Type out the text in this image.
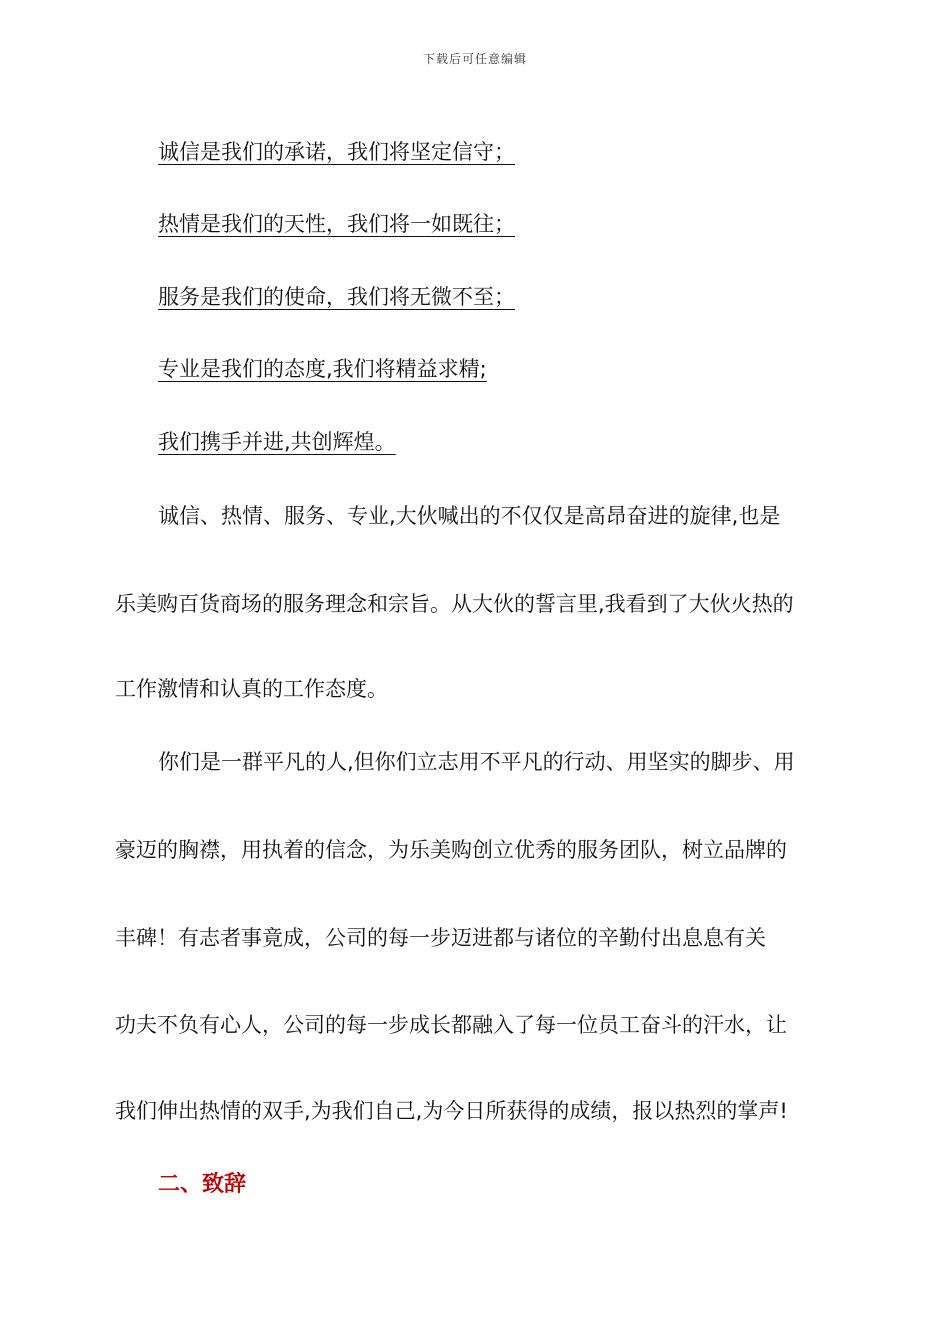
下载后可任意编辑
诚信是我们的承诺，我们将坚定信守；
热情是我们的天性，我们将一如既往；
服务是我们的使命，我们将无微不至；
专业是我们的态度,我们将精益求精;
我们携手并进,共创辉煌。
诚信、热情、服务、专业,大伙喊出的不仅仅是高昂奋进的旋律,也是
乐美购百货商场的服务理念和宗旨。从大伙的誓言里,我看到了大伙火热的
工作激情和认真的工作态度。
你们是一群平凡的人,但你们立志用不平凡的行动、用坚实的脚步、用
豪迈的胸襟，用执着的信念，为乐美购创立优秀的服务团队，树立品牌的
丰碑！有志者事竟成，公司的每一步迈进都与诸位的辛勤付出息息有关
功夫不负有心人，公司的每一步成长都融入了每一位员工奋斗的汗水，让
我们伸出热情的双手,为我们自己,为今日所获得的成绩，报以热烈的掌声!
二、致辞
